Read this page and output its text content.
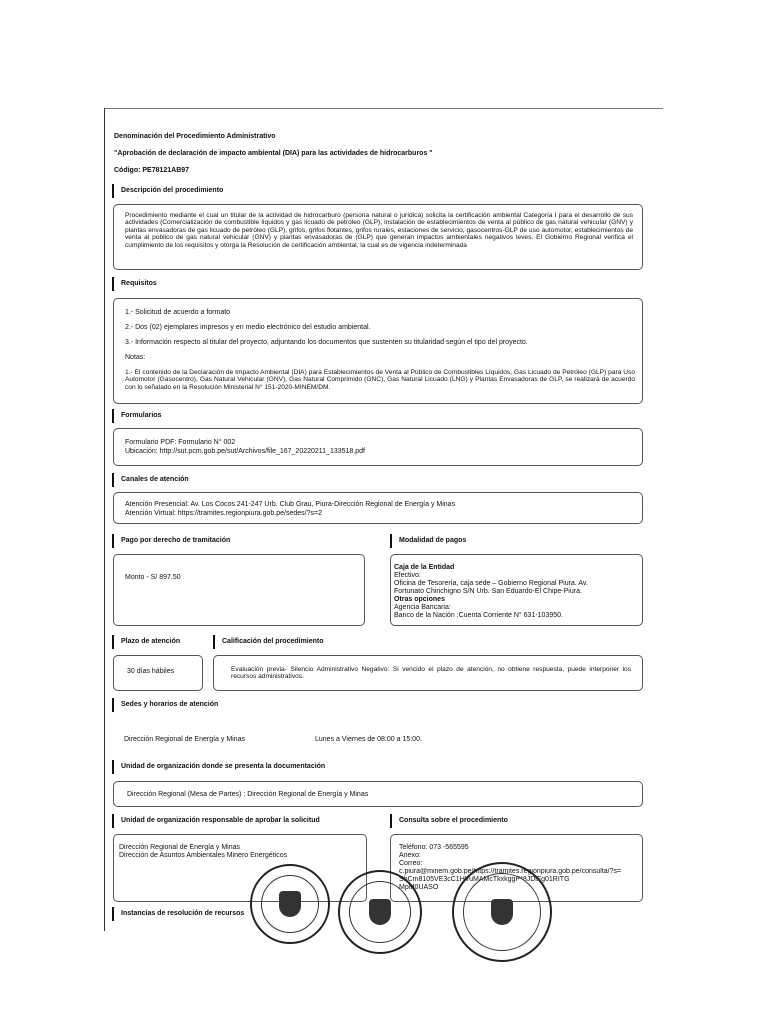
Denominación del Procedimiento Administrativo
"Aprobación de declaración de impacto ambiental (DIA) para las actividades de hidrocarburos "
Código: PE78121AB97
Descripción del procedimiento
Procedimiento mediante el cual un titular de la actividad de hidrocarburo (persona natural o jurídica) solicita la certificación ambiental Categoría I para el desarrollo de sus actividades (Comercialización de combustible líquidos y gas licuado de petróleo (GLP), instalación de establecimientos de venta al público de gas natural vehicular (GNV) y plantas envasadoras de gas licuado de petróleo (GLP), grifos, grifos flotantes, grifos rurales, estaciones de servicio, gasocentros-GLP de uso automotor, establecimientos de venta al público de gas natural vehicular (GNV) y plantas envasadoras de (GLP) que generan impactos ambientales negativos leves. El Gobierno Regional verifica el cumplimiento de los requisitos y otorga la Resolución de certificación ambiental, la cual es de vigencia indeterminada
Requisitos
1.- Solicitud de acuerdo a formato
2.- Dos (02) ejemplares impresos y en medio electrónico del estudio ambiental.
3.- Información respecto al titular del proyecto, adjuntando los documentos que sustenten su titularidad según el tipo del proyecto.
Notas:
1.- El contenido de la Declaración de Impacto Ambiental (DIA) para Establecimientos de Venta al Público de Combustibles Líquidos, Gas Licuado de Petróleo (GLP) para Uso Automotor (Gasocentro), Gas Natural Vehicular (GNV), Gas Natural Comprimido (GNC), Gas Natural Licuado (LNG) y Plantas Envasadoras de GLP, se realizará de acuerdo con lo señalado en la Resolución Ministerial N° 151-2020-MINEM/DM.
Formularios
Formulario PDF: Formulario N° 002
Ubicación: http://sut.pcm.gob.pe/sut/Archivos/file_167_20220211_133518.pdf
Canales de atención
Atención Presencial: Av. Los Cocos 241-247 Urb. Club Grau, Piura-Dirección Regional de Energía y Minas
Atención Virtual: https://tramites.regionpiura.gob.pe/sedes/?s=2
Pago por derecho de tramitación
Monto - S/ 897.50
Modalidad de pagos
Caja de la Entidad
Efectivo:
Oficina de Tesorería, caja sede – Gobierno Regional Piura. Av.
Fortunato Chirichigno S/N Urb. San Eduardo-El Chipe-Piura.
Otras opciones
Agencia Bancaria:
Banco de la Nación :Cuenta Corriente N° 631-103950.
Plazo de atención
30 días hábiles
Calificación del procedimiento
Evaluación previa- Silencio Administrativo Negativo: Si vencido el plazo de atención, no obtiene respuesta, puede interponer los recursos administrativos.
Sedes y horarios de atención
Dirección Regional de Energía y Minas	Lunes a Viernes de 08:00 a 15:00.
Unidad de organización donde se presenta la documentación
Dirección Regional (Mesa de Partes) : Dirección Regional de Energía y Minas
Unidad de organización responsable de aprobar la solicitud
Dirección Regional de Energía y Minas
Dirección de Asuntos Ambientales Minero Energéticos
Consulta sobre el procedimiento
Teléfono: 073 -565595
Anexo:
Correo:
c.piura@minem.gob.pe/https://tramites.regionpiura.gob.pe/consulta/?s=
ShCm8105VE3cC1HVuMAMcTkxkggP*8JDiFg01RITG
MpM0UASO
Instancias de resolución de recursos
